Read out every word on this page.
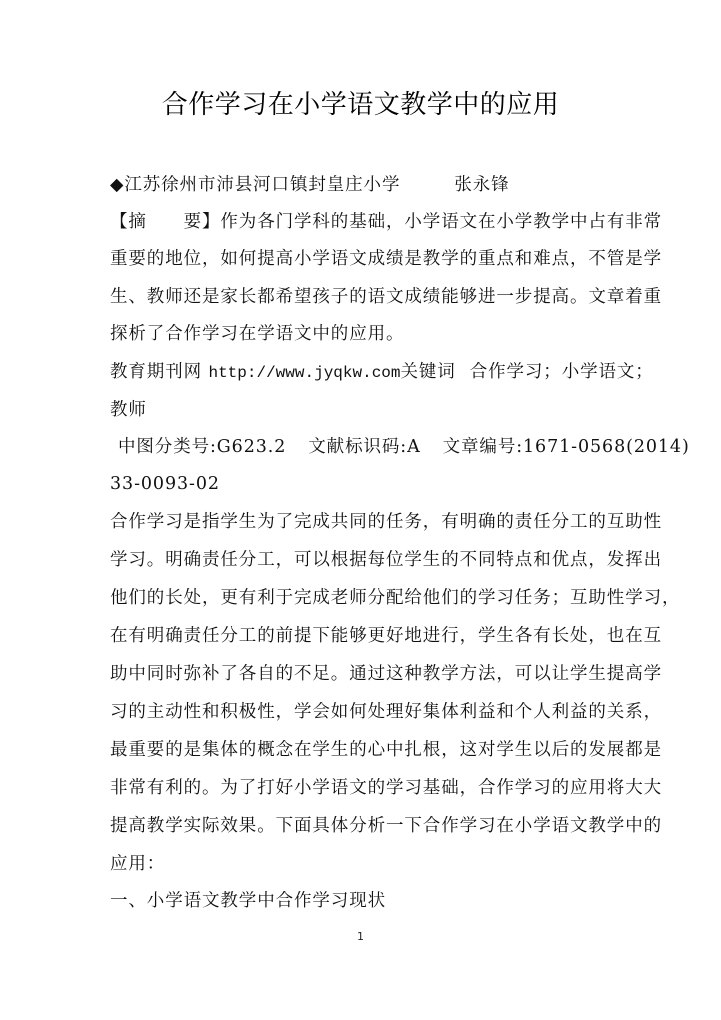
合作学习在小学语文教学中的应用
◆江苏徐州市沛县河口镇封皇庄小学	张永锋
【摘　　要】作为各门学科的基础，小学语文在小学教学中占有非常
重要的地位，如何提高小学语文成绩是教学的重点和难点，不管是学
生、教师还是家长都希望孩子的语文成绩能够进一步提高。文章着重
探析了合作学习在学语文中的应用。
教育期刊网 http://www.jyqkw.com关键词 合作学习；小学语文；
教师
中图分类号:G623.2 文献标识码:A 文章编号:1671-0568(2014)
33-0093-02
合作学习是指学生为了完成共同的任务，有明确的责任分工的互助性
学习。明确责任分工，可以根据每位学生的不同特点和优点，发挥出
他们的长处，更有利于完成老师分配给他们的学习任务；互助性学习，
在有明确责任分工的前提下能够更好地进行，学生各有长处，也在互
助中同时弥补了各自的不足。通过这种教学方法，可以让学生提高学
习的主动性和积极性，学会如何处理好集体利益和个人利益的关系，
最重要的是集体的概念在学生的心中扎根，这对学生以后的发展都是
非常有利的。为了打好小学语文的学习基础，合作学习的应用将大大
提高教学实际效果。下面具体分析一下合作学习在小学语文教学中的
应用：
一、小学语文教学中合作学习现状
1
